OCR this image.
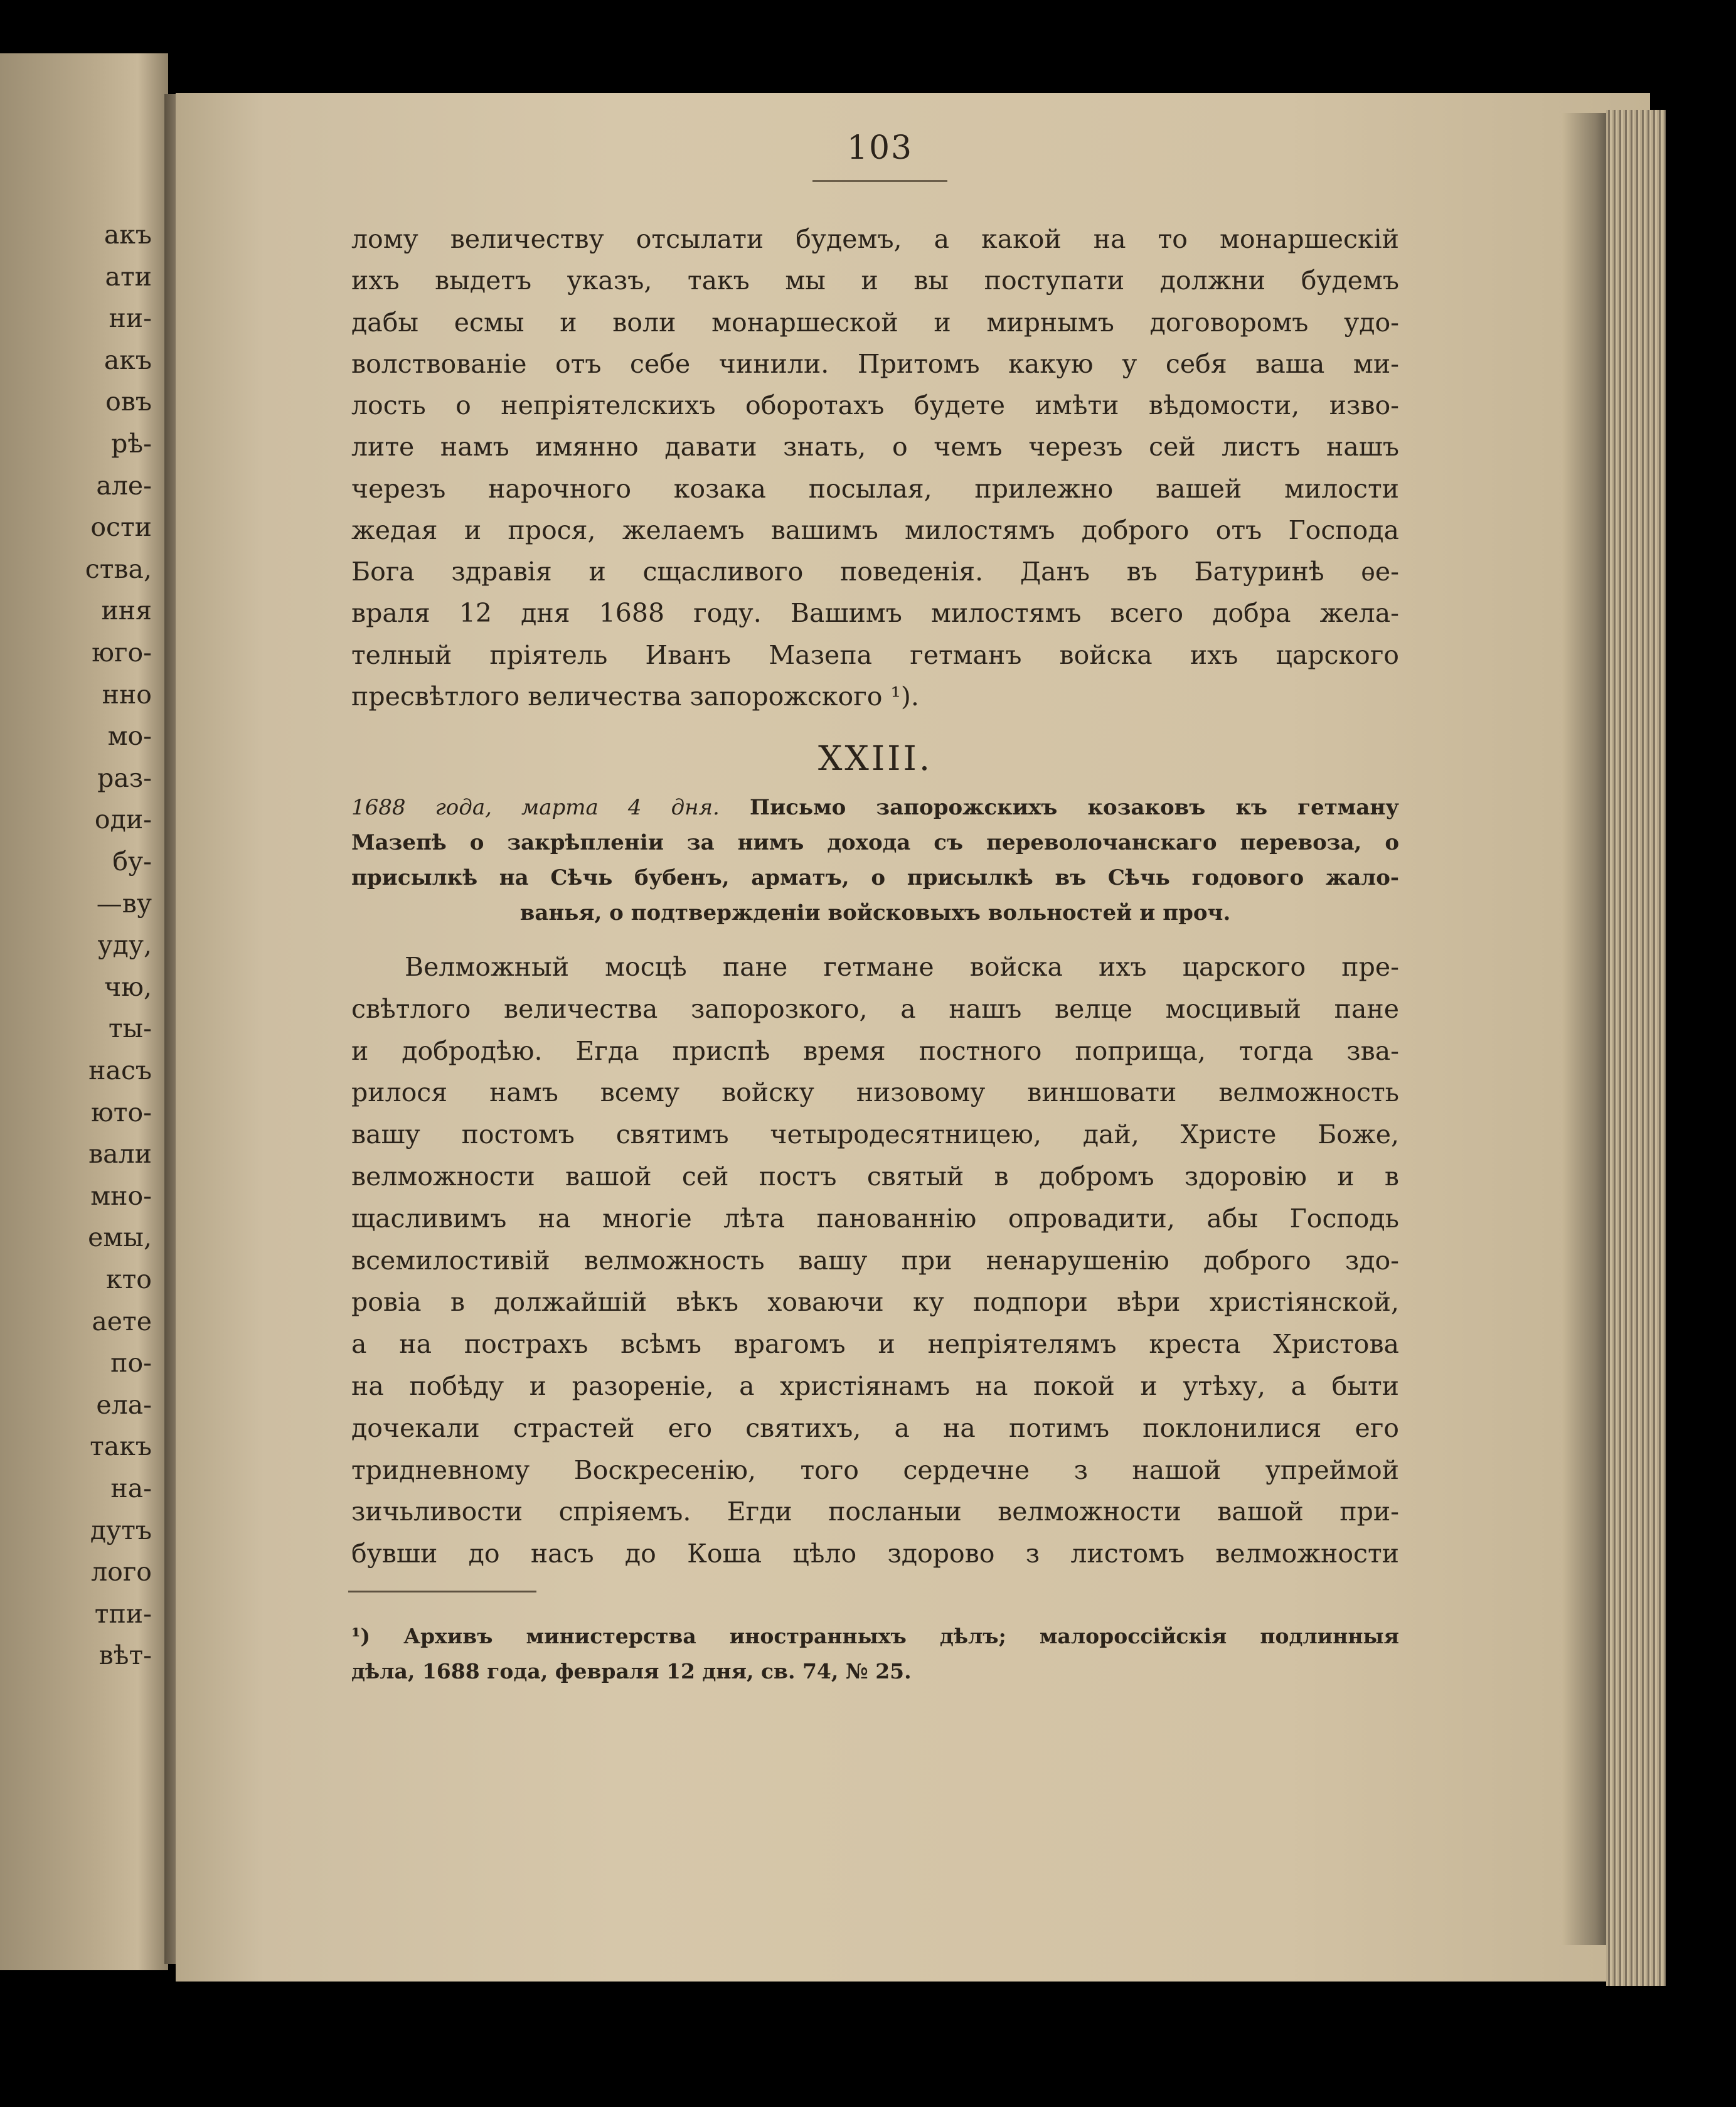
акъ
ати
ни-
акъ
овъ
рѣ-
але-
ости
ства,
иня
юго-
нно
мо-
раз-
оди-
бу-
—ву
уду,
чю,
ты-
насъ
юто-
вали
мно-
емы,
кто
аете
по-
ела-
такъ
на-
дутъ
лого
тпи-
вѣт-
103
лому величеству отсылати будемъ, а какой на то монаршескій
ихъ выдетъ указъ, такъ мы и вы поступати должни будемъ
дабы есмы и воли монаршеской и мирнымъ договоромъ удо-
волствованіе отъ себе чинили. Притомъ какую у себя ваша ми-
лость о непріятелскихъ оборотахъ будете имѣти вѣдомости, изво-
лите намъ имянно давати знать, о чемъ черезъ сей листъ нашъ
черезъ нарочного козака посылая, прилежно вашей милости
жедая и прося, желаемъ вашимъ милостямъ доброго отъ Господа
Бога здравія и сщасливого поведенія. Данъ въ Батуринѣ ѳе-
враля 12 дня 1688 году. Вашимъ милостямъ всего добра жела-
телный пріятель Иванъ Мазепа гетманъ войска ихъ царского
пресвѣтлого величества запорожского ¹).
XXIII.
1688 года, марта 4 дня. Письмо запорожскихъ козаковъ къ гетману
Мазепѣ о закрѣпленіи за нимъ дохода съ переволочанскаго перевоза, о
присылкѣ на Сѣчь бубенъ, арматъ, о присылкѣ въ Сѣчь годового жало-
ванья, о подтвержденіи войсковыхъ вольностей и проч.
Велможный мосцѣ пане гетмане войска ихъ царского пре-
свѣтлого величества запорозкого, а нашъ велце мосцивый пане
и добродѣю. Егда приспѣ время постного поприща, тогда зва-
рилося намъ всему войску низовому виншовати велможность
вашу постомъ святимъ четыродесятницею, дай, Христе Боже,
велможности вашой сей постъ святый в добромъ здоровію и в
щасливимъ на многіе лѣта панованнію опровадити, абы Господь
всемилостивій велможность вашу при ненарушенію доброго здо-
ровіа в должайшій вѣкъ ховаючи ку подпори вѣри христіянской,
а на пострахъ всѣмъ врагомъ и непріятелямъ креста Христова
на побѣду и разореніе, а христіянамъ на покой и утѣху, а быти
дочекали страстей его святихъ, а на потимъ поклонилися его
тридневному Воскресенію, того сердечне з нашой упреймой
зичьливости спріяемъ. Егди посланыи велможности вашой при-
бувши до насъ до Коша цѣло здорово з листомъ велможности
¹) Архивъ министерства иностранныхъ дѣлъ; малороссійскія подлинныя
дѣла, 1688 года, февраля 12 дня, св. 74, № 25.
